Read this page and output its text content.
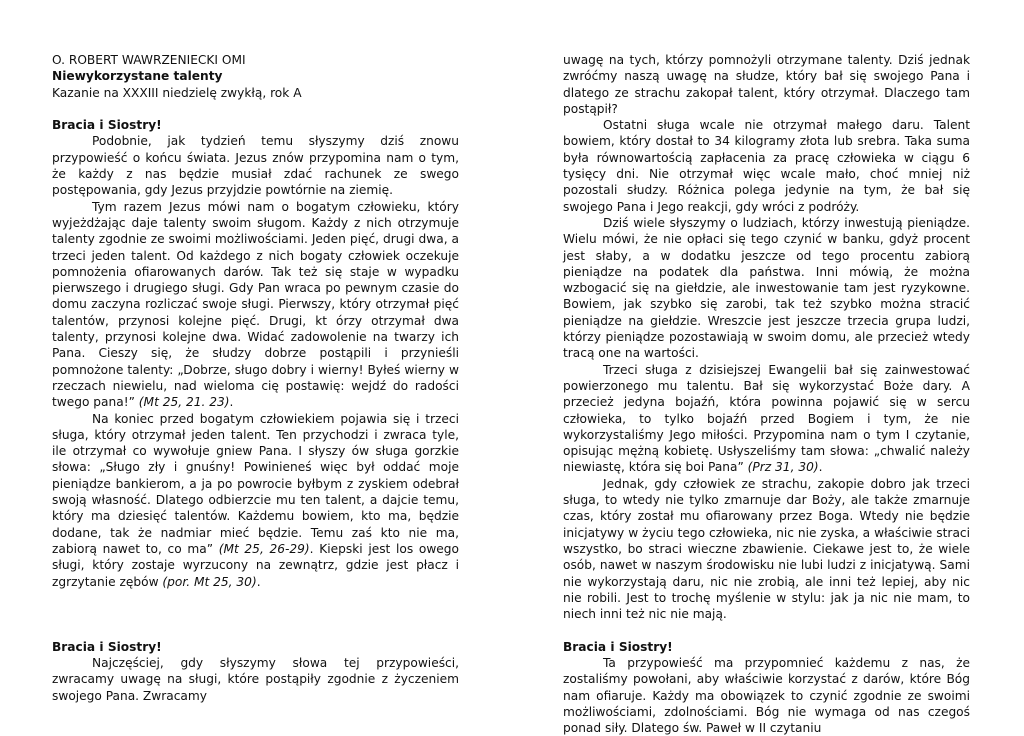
O. ROBERT WAWRZENIECKI OMI

Niewykorzystane talenty

Kazanie na XXXIII niedzielę zwykłą, rok A

Bracia i Siostry!

Podobnie, jak tydzień temu słyszymy dziś znowu przypowieść o końcu świata. Jezus znów przypomina nam o tym, że każdy z nas będzie musiał zdać rachunek ze swego postępowania, gdy Jezus przyjdzie powtórnie na ziemię.

Tym razem Jezus mówi nam o bogatym człowieku, który wyjeżdżając daje talenty swoim sługom. Każdy z nich otrzymuje talenty zgodnie ze swoimi możliwościami. Jeden pięć, drugi dwa, a trzeci jeden talent. Od każdego z nich bogaty człowiek oczekuje pomnożenia ofiarowanych darów. Tak też się staje w wypadku pierwszego i drugiego sługi. Gdy Pan wraca po pewnym czasie do domu zaczyna rozliczać swoje sługi. Pierwszy, który otrzymał pięć talentów, przynosi kolejne pięć. Drugi, kt órzy otrzymał dwa talenty, przynosi kolejne dwa. Widać zadowolenie na twarzy ich Pana. Cieszy się, że słudzy dobrze postąpili i przynieśli pomnożone talenty: „Dobrze, sługo dobry i wierny! Byłeś wierny w rzeczach niewielu, nad wieloma cię postawię: wejdź do radości twego pana!” (Mt 25, 21. 23).

Na koniec przed bogatym człowiekiem pojawia się i trzeci sługa, który otrzymał jeden talent. Ten przychodzi i zwraca tyle, ile otrzymał co wywołuje gniew Pana. I słyszy ów sługa gorzkie słowa: „Sługo zły i gnuśny! Powinieneś więc był oddać moje pieniądze bankierom, a ja po powrocie byłbym z zyskiem odebrał swoją własność. Dlatego odbierzcie mu ten talent, a dajcie temu, który ma dziesięć talentów. Każdemu bowiem, kto ma, będzie dodane, tak że nadmiar mieć będzie. Temu zaś kto nie ma, zabiorą nawet to, co ma” (Mt 25, 26-29). Kiepski jest los owego sługi, który zostaje wyrzucony na zewnątrz, gdzie jest płacz i zgrzytanie zębów (por. Mt 25, 30).

Bracia i Siostry!

Najczęściej, gdy słyszymy słowa tej przypowieści, zwracamy uwagę na sługi, które postąpiły zgodnie z życzeniem swojego Pana. Zwracamy

uwagę na tych, którzy pomnożyli otrzymane talenty. Dziś jednak zwróćmy naszą uwagę na słudze, który bał się swojego Pana i dlatego ze strachu zakopał talent, który otrzymał. Dlaczego tam postąpił?

Ostatni sługa wcale nie otrzymał małego daru. Talent bowiem, który dostał to 34 kilogramy złota lub srebra. Taka suma była równowartością zapłacenia za pracę człowieka w ciągu 6 tysięcy dni. Nie otrzymał więc wcale mało, choć mniej niż pozostali słudzy. Różnica polega jedynie na tym, że bał się swojego Pana i Jego reakcji, gdy wróci z podróży.

Dziś wiele słyszymy o ludziach, którzy inwestują pieniądze. Wielu mówi, że nie opłaci się tego czynić w banku, gdyż procent jest słaby, a w dodatku jeszcze od tego procentu zabiorą pieniądze na podatek dla państwa. Inni mówią, że można wzbogacić się na giełdzie, ale inwestowanie tam jest ryzykowne. Bowiem, jak szybko się zarobi, tak też szybko można stracić pieniądze na giełdzie. Wreszcie jest jeszcze trzecia grupa ludzi, którzy pieniądze pozostawiają w swoim domu, ale przecież wtedy tracą one na wartości.

Trzeci sługa z dzisiejszej Ewangelii bał się zainwestować powierzonego mu talentu. Bał się wykorzystać Boże dary. A przecież jedyna bojaźń, która powinna pojawić się w sercu człowieka, to tylko bojaźń przed Bogiem i tym, że nie wykorzystaliśmy Jego miłości. Przypomina nam o tym I czytanie, opisując mężną kobietę. Usłyszeliśmy tam słowa: „chwalić należy niewiastę, która się boi Pana” (Prz 31, 30).

Jednak, gdy człowiek ze strachu, zakopie dobro jak trzeci sługa, to wtedy nie tylko zmarnuje dar Boży, ale także zmarnuje czas, który został mu ofiarowany przez Boga. Wtedy nie będzie inicjatywy w życiu tego człowieka, nic nie zyska, a właściwie straci wszystko, bo straci wieczne zbawienie. Ciekawe jest to, że wiele osób, nawet w naszym środowisku nie lubi ludzi z inicjatywą. Sami nie wykorzystają daru, nic nie zrobią, ale inni też lepiej, aby nic nie robili. Jest to trochę myślenie w stylu: jak ja nic nie mam, to niech inni też nic nie mają.

Bracia i Siostry!

Ta przypowieść ma przypomnieć każdemu z nas, że zostaliśmy powołani, aby właściwie korzystać z darów, które Bóg nam ofiaruje. Każdy ma obowiązek to czynić zgodnie ze swoimi możliwościami, zdolnościami. Bóg nie wymaga od nas czegoś ponad siły. Dlatego św. Paweł w II czytaniu
